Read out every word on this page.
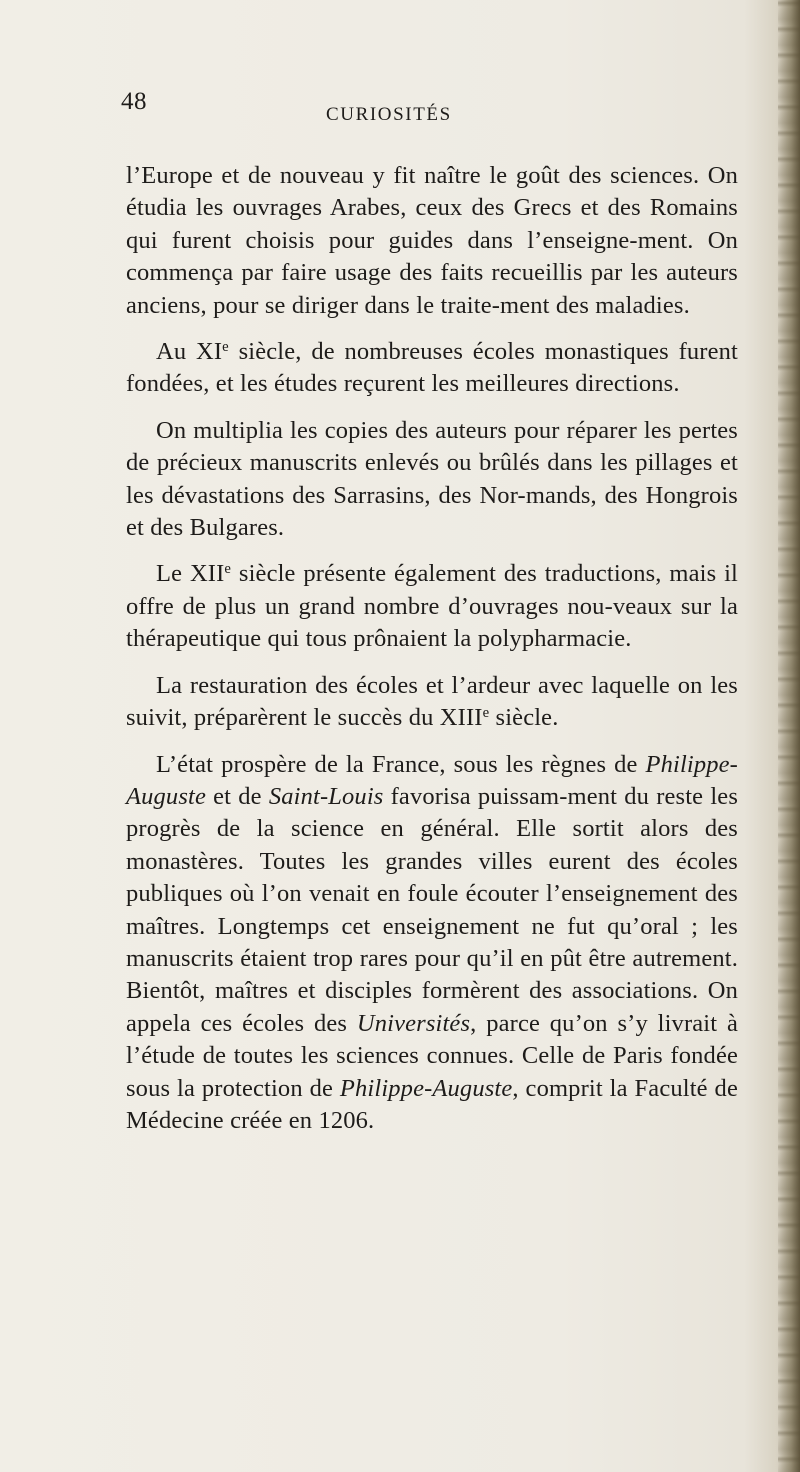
48	CURIOSITÉS

l’Europe et de nouveau y fit naître le goût des sciences. On étudia les ouvrages Arabes, ceux des Grecs et des Romains qui furent choisis pour guides dans l’enseigne-ment. On commença par faire usage des faits recueillis par les auteurs anciens, pour se diriger dans le traite-ment des maladies.

Au XIe siècle, de nombreuses écoles monastiques furent fondées, et les études reçurent les meilleures directions.

On multiplia les copies des auteurs pour réparer les pertes de précieux manuscrits enlevés ou brûlés dans les pillages et les dévastations des Sarrasins, des Nor-mands, des Hongrois et des Bulgares.

Le XIIe siècle présente également des traductions, mais il offre de plus un grand nombre d’ouvrages nou-veaux sur la thérapeutique qui tous prônaient la polypharmacie.

La restauration des écoles et l’ardeur avec laquelle on les suivit, préparèrent le succès du XIIIe siècle.

L’état prospère de la France, sous les règnes de Philippe-Auguste et de Saint-Louis favorisa puissam-ment du reste les progrès de la science en général. Elle sortit alors des monastères. Toutes les grandes villes eurent des écoles publiques où l’on venait en foule écouter l’enseignement des maîtres. Longtemps cet enseignement ne fut qu’oral ; les manuscrits étaient trop rares pour qu’il en pût être autrement. Bientôt, maîtres et disciples formèrent des associations. On appela ces écoles des Universités, parce qu’on s’y livrait à l’étude de toutes les sciences connues. Celle de Paris fondée sous la protection de Philippe-Auguste, comprit la Faculté de Médecine créée en 1206.
